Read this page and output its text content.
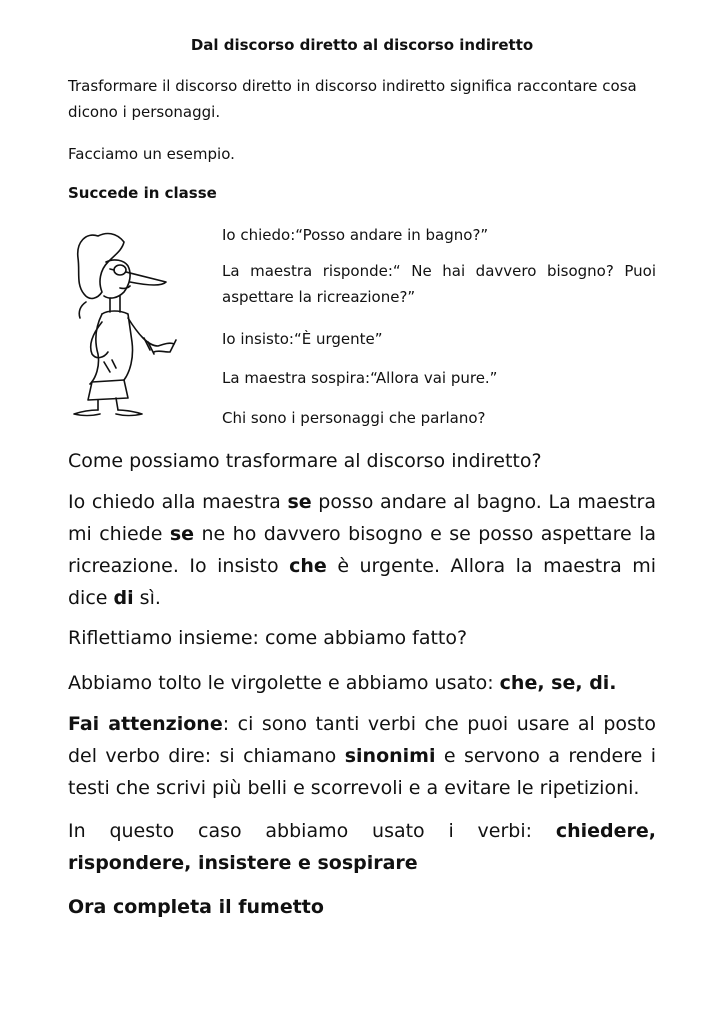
Dal discorso diretto al discorso indiretto

Trasformare il discorso diretto in discorso indiretto significa raccontare cosa dicono i personaggi.

Facciamo un esempio.

Succede in classe

Io chiedo:“Posso andare in bagno?”

La maestra risponde:“ Ne hai davvero bisogno? Puoi aspettare la ricreazione?”

Io insisto:“È urgente”

La maestra sospira:“Allora vai pure.”

Chi sono i personaggi che parlano?

Come possiamo trasformare al discorso indiretto?

Io chiedo alla maestra se posso andare al bagno. La maestra mi chiede se ne ho davvero bisogno e se posso aspettare la ricreazione. Io insisto che è urgente. Allora la maestra mi dice di sì.

Riflettiamo insieme: come abbiamo fatto?

Abbiamo tolto le virgolette e abbiamo usato: che, se, di.

Fai attenzione: ci sono tanti verbi che puoi usare al posto del verbo dire: si chiamano sinonimi e servono a rendere i testi che scrivi più belli e scorrevoli e a evitare le ripetizioni.

In questo caso abbiamo usato i verbi: chiedere, rispondere, insistere e sospirare

Ora completa il fumetto
